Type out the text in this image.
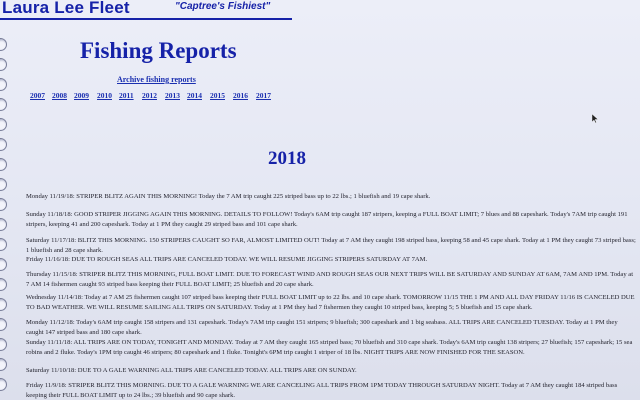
Laura Lee Fleet	"Captree's Fishiest"
Fishing Reports
Archive fishing reports
2007 2008 2009 2010 2011 2012 2013 2014 2015 2016 2017
2018

Monday 11/19/18: STRIPER BLITZ AGAIN THIS MORNING! Today the 7 AM trip caught 225 striped bass up to 22 lbs.; 1 bluefish and 19 cape shark.

Sunday 11/18/18: GOOD STRIPER JIGGING AGAIN THIS MORNING. DETAILS TO FOLLOW! Today's 6AM trip caught 187 stripers, keeping a FULL BOAT LIMIT; 7 blues and 88 capeshark. Today's 7AM trip caught 191 stripers, keeping 41 and 200 capeshark. Today at 1 PM they caught 29 striped bass and 101 cape shark.

Saturday 11/17/18: BLITZ THIS MORNING. 150 STRIPERS CAUGHT SO FAR, ALMOST LIMITED OUT! Today at 7 AM they caught 198 striped bass, keeping 58 and 45 cape shark. Today at 1 PM they caught 73 striped bass; 1 bluefish and 28 cape shark.

Friday 11/16/18: DUE TO ROUGH SEAS ALL TRIPS ARE CANCELED TODAY. WE WILL RESUME JIGGING STRIPERS SATURDAY AT 7AM.

Thursday 11/15/18: STRIPER BLITZ THIS MORNING, FULL BOAT LIMIT. DUE TO FORECAST WIND AND ROUGH SEAS OUR NEXT TRIPS WILL BE SATURDAY AND SUNDAY AT 6AM, 7AM AND 1PM. Today at 7 AM 14 fishermen caught 93 striped bass keeping their FULL BOAT LIMIT; 25 bluefish and 20 cape shark.

Wednesday 11/14/18: Today at 7 AM 25 fishermen caught 107 striped bass keeping their FULL BOAT LIMIT up to 22 lbs. and 10 cape shark. TOMORROW 11/15 THE 1 PM AND ALL DAY FRIDAY 11/16 IS CANCELED DUE TO BAD WEATHER. WE WILL RESUME SAILING ALL TRIPS ON SATURDAY. Today at 1 PM they had 7 fishermen they caught 10 striped bass, keeping 5; 5 bluefish and 15 cape shark.

Monday 11/12/18: Today's 6AM trip caught 158 stripers and 131 capeshark. Today's 7AM trip caught 151 stripers; 9 bluefish; 300 capeshark and 1 big seabass. ALL TRIPS ARE CANCELED TUESDAY. Today at 1 PM they caught 147 striped bass and 180 cape shark.

Sunday 11/11/18: ALL TRIPS ARE ON TODAY, TONIGHT AND MONDAY. Today at 7 AM they caught 165 striped bass; 70 bluefish and 310 cape shark. Today's 6AM trip caught 138 stripers; 27 bluefish; 157 capeshark; 15 sea robins and 2 fluke. Today's 1PM trip caught 46 stripers; 80 capeshark and 1 fluke. Tonight's 6PM trip caught 1 striper of 18 lbs. NIGHT TRIPS ARE NOW FINISHED FOR THE SEASON.

Saturday 11/10/18: DUE TO A GALE WARNING ALL TRIPS ARE CANCELED TODAY. ALL TRIPS ARE ON SUNDAY.

Friday 11/9/18: STRIPER BLITZ THIS MORNING. DUE TO A GALE WARNING WE ARE CANCELING ALL TRIPS FROM 1PM TODAY THROUGH SATURDAY NIGHT. Today at 7 AM they caught 184 striped bass keeping their FULL BOAT LIMIT up to 24 lbs.; 39 bluefish and 90 cape shark.
